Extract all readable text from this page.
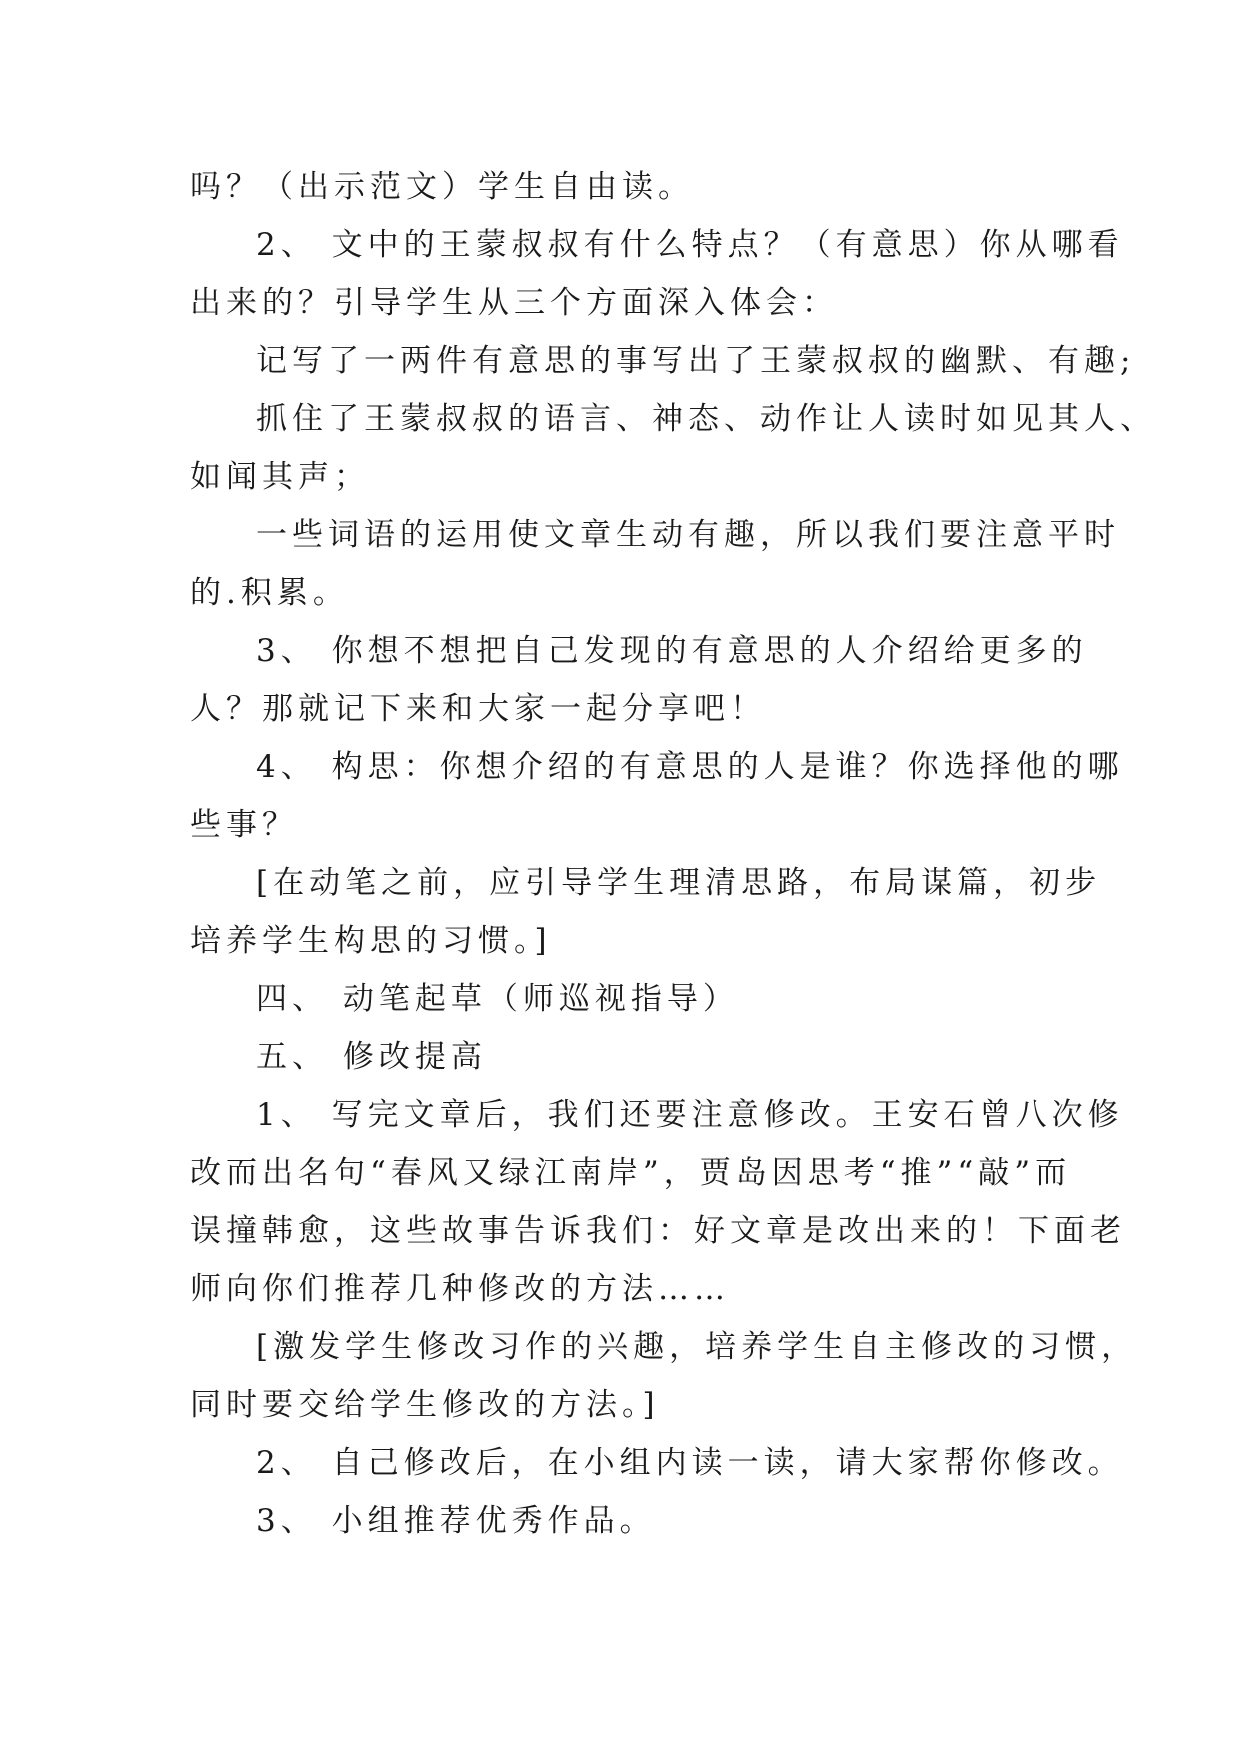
吗？（出示范文）学生自由读。
2、 文中的王蒙叔叔有什么特点？（有意思）你从哪看
出来的？引导学生从三个方面深入体会：
记写了一两件有意思的事写出了王蒙叔叔的幽默、有趣;
抓住了王蒙叔叔的语言、神态、动作让人读时如见其人、
如闻其声；
一些词语的运用使文章生动有趣，所以我们要注意平时
的.积累。
3、 你想不想把自己发现的有意思的人介绍给更多的
人？那就记下来和大家一起分享吧！
4、 构思：你想介绍的有意思的人是谁？你选择他的哪
些事？
[在动笔之前，应引导学生理清思路，布局谋篇，初步
培养学生构思的习惯。]
四、 动笔起草（师巡视指导）
五、 修改提高
1、 写完文章后，我们还要注意修改。王安石曾八次修
改而出名句“春风又绿江南岸”，贾岛因思考“推”“敲”而
误撞韩愈，这些故事告诉我们：好文章是改出来的！下面老
师向你们推荐几种修改的方法……
[激发学生修改习作的兴趣，培养学生自主修改的习惯，
同时要交给学生修改的方法。]
2、 自己修改后，在小组内读一读，请大家帮你修改。
3、 小组推荐优秀作品。
